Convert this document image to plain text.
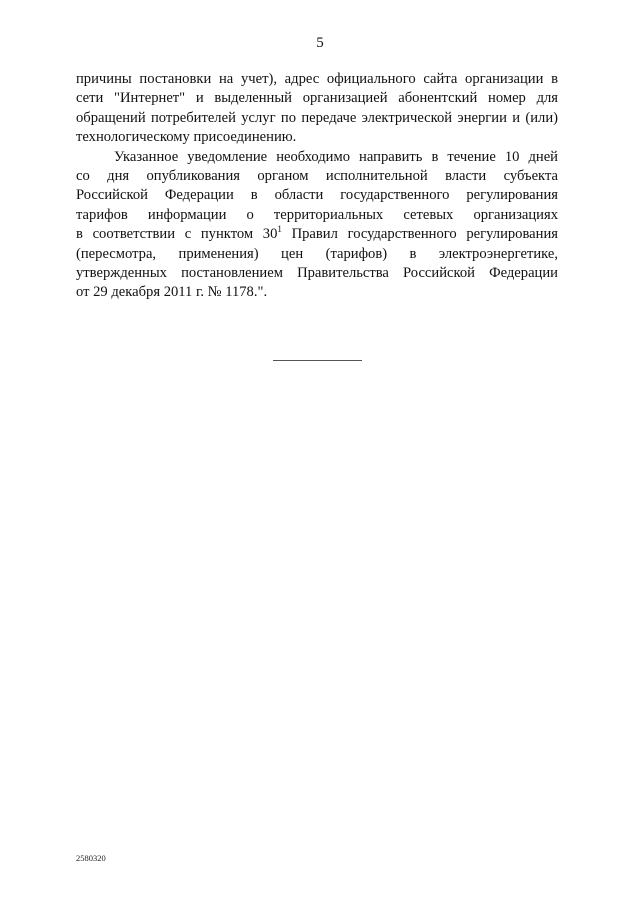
5
причины постановки на учет), адрес официального сайта организации в
сети "Интернет" и выделенный организацией абонентский номер для
обращений потребителей услуг по передаче электрической энергии и (или)
технологическому присоединению.
Указанное уведомление необходимо направить в течение 10 дней
со дня опубликования органом исполнительной власти субъекта
Российской Федерации в области государственного регулирования
тарифов информации о территориальных сетевых организациях
в соответствии с пунктом $30^1$ Правил государственного регулирования
(пересмотра, применения) цен (тарифов) в электроэнергетике,
утвержденных постановлением Правительства Российской Федерации
от 29 декабря 2011 г. № 1178.".
2580320
